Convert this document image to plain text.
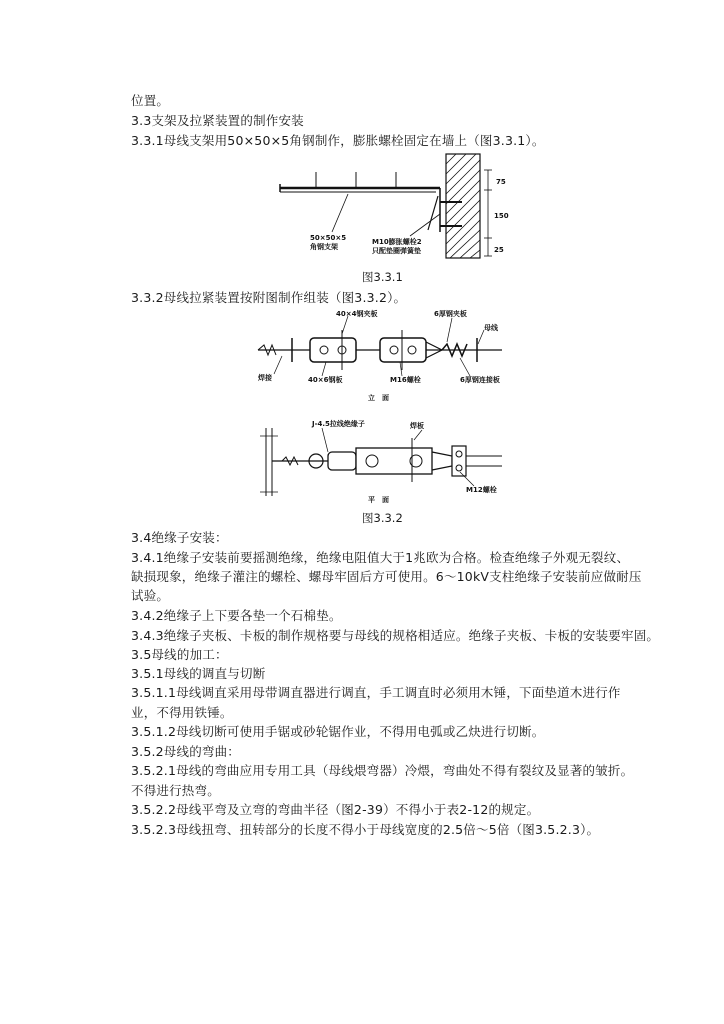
位置。
3.3支架及拉紧装置的制作安装
3.3.1母线支架用50×50×5角钢制作，膨胀螺栓固定在墙上（图3.3.1）。
75
150
25
50×50×5
角钢支架
M10膨胀螺栓2
只配垫圈弹簧垫
图3.3.1
3.3.2母线拉紧装置按附图制作组装（图3.3.2）。
40×4钢夹板	6厚钢夹板
母线
焊接	40×6钢板	M16螺栓	6厚钢连接板
立　面
J-4.5拉线绝缘子	焊板
M12螺栓
平　面
图3.3.2
3.4绝缘子安装：
3.4.1绝缘子安装前要摇测绝缘，绝缘电阻值大于1兆欧为合格。检查绝缘子外观无裂纹、
缺损现象，绝缘子灌注的螺栓、螺母牢固后方可使用。6～10kV支柱绝缘子安装前应做耐压
试验。
3.4.2绝缘子上下要各垫一个石棉垫。
3.4.3绝缘子夹板、卡板的制作规格要与母线的规格相适应。绝缘子夹板、卡板的安装要牢固。
3.5母线的加工：
3.5.1母线的调直与切断
3.5.1.1母线调直采用母带调直器进行调直，手工调直时必须用木锤，下面垫道木进行作
业，不得用铁锤。
3.5.1.2母线切断可使用手锯或砂轮锯作业，不得用电弧或乙炔进行切断。
3.5.2母线的弯曲：
3.5.2.1母线的弯曲应用专用工具（母线煨弯器）冷煨，弯曲处不得有裂纹及显著的皱折。
不得进行热弯。
3.5.2.2母线平弯及立弯的弯曲半径（图2-39）不得小于表2-12的规定。
3.5.2.3母线扭弯、扭转部分的长度不得小于母线宽度的2.5倍～5倍（图3.5.2.3）。
